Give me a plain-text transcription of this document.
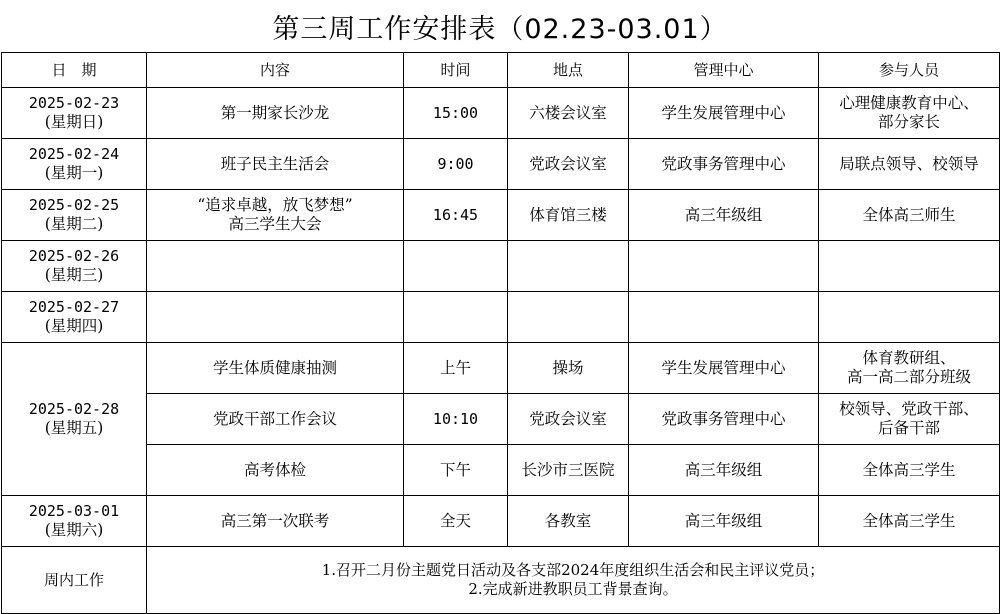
第三周工作安排表（02.23-03.01）
日　期	内容	时间	地点	管理中心	参与人员

2025-02-23
(星期日)	第一期家长沙龙	15:00	六楼会议室	学生发展管理中心	心理健康教育中心、
部分家长

2025-02-24
(星期一)	班子民主生活会	9:00	党政会议室	党政事务管理中心	局联点领导、校领导

2025-02-25
(星期二)	“追求卓越，放飞梦想”
高三学生大会	16:45	体育馆三楼	高三年级组	全体高三师生

2025-02-26
(星期三)					

2025-02-27
(星期四)					

2025-02-28
(星期五)	学生体质健康抽测	上午	操场	学生发展管理中心	体育教研组、
高一高二部分班级

	党政干部工作会议	10:10	党政会议室	党政事务管理中心	校领导、党政干部、
后备干部

	高考体检	下午	长沙市三医院	高三年级组	全体高三学生

2025-03-01
(星期六)	高三第一次联考	全天	各教室	高三年级组	全体高三学生

周内工作	1.召开二月份主题党日活动及各支部2024年度组织生活会和民主评议党员；
2.完成新进教职员工背景查询。				
